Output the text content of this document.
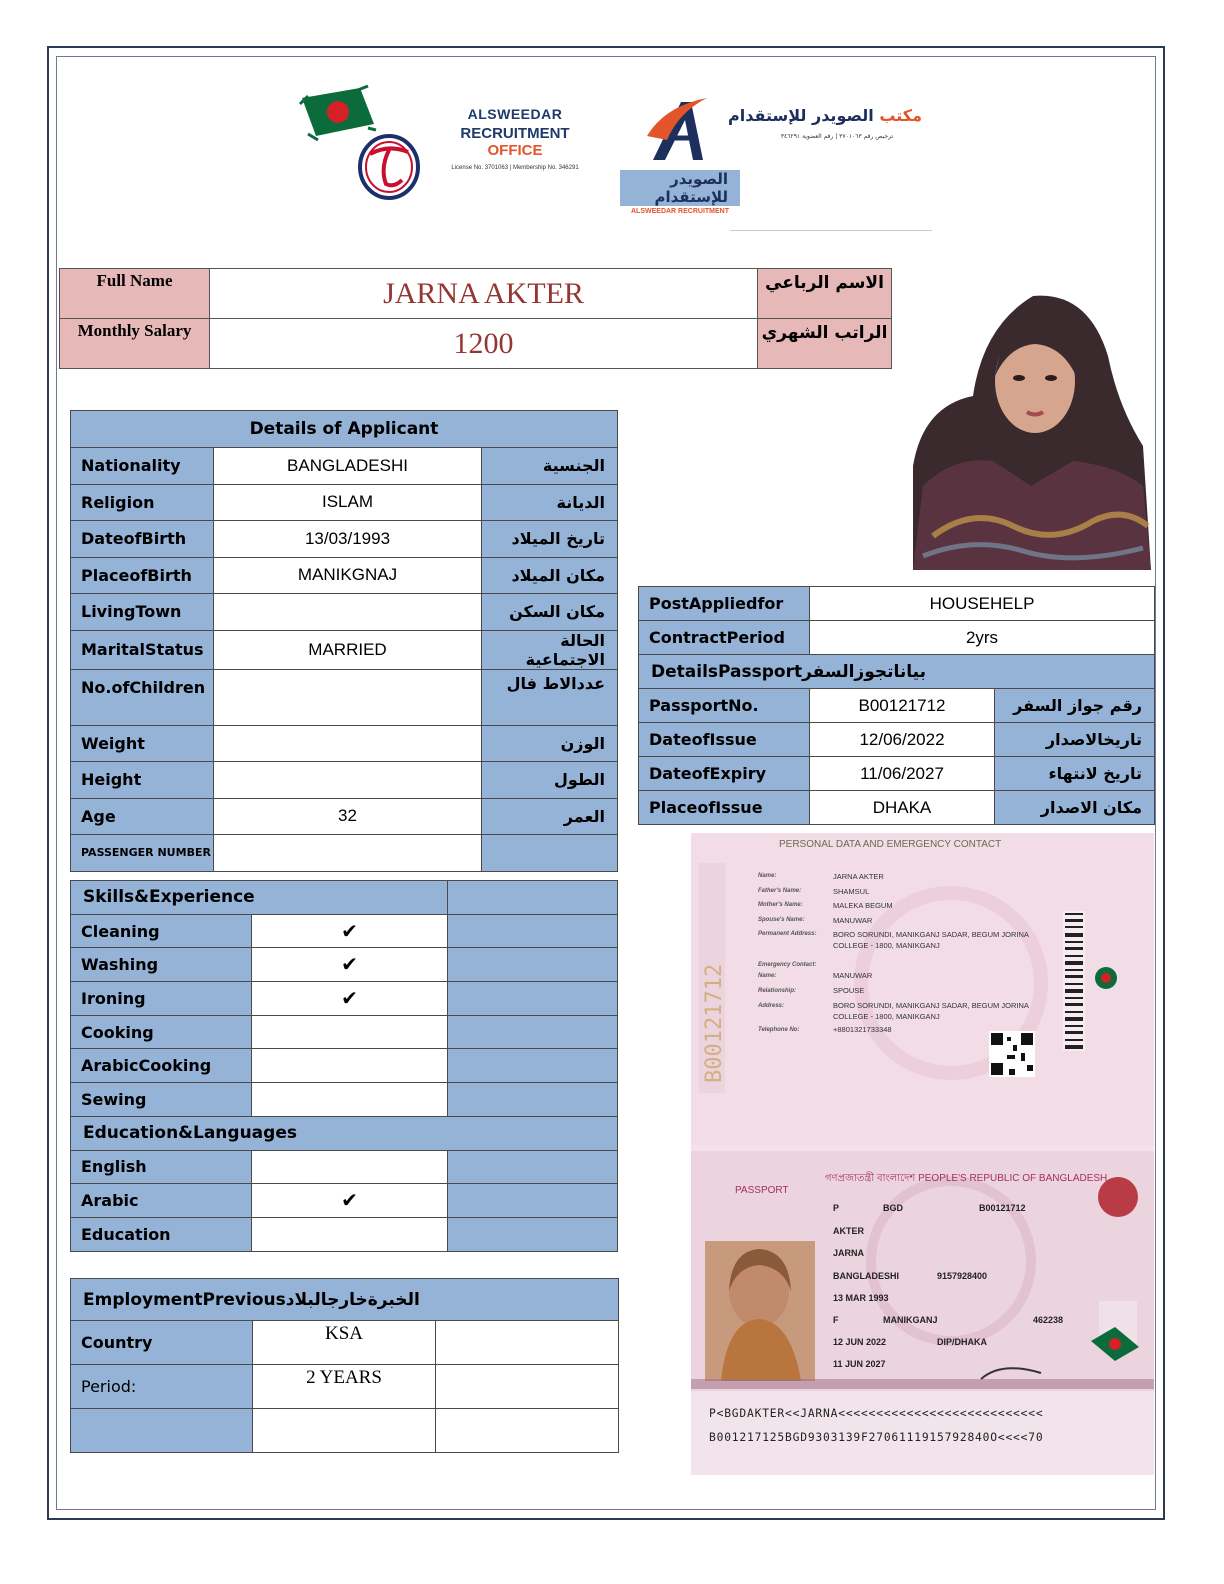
ALSWEEDAR
RECRUITMENT OFFICE
License No. 3701063 | Membership No. 346291
الصويدر للإستقدام
ALSWEEDAR RECRUITMENT
مكتب الصويدر للإستقدام
ترخيص رقم ٣٧٠١٠٦٣ | رقم العضوية ٣٤٦٢٩١
Full Name	JARNA AKTER	الاسم الرباعي
Monthly Salary	1200	الراتب الشهري
Details of Applicant		
Nationality	BANGLADESHI	الجنسية
Religion	ISLAM	الديانة
DateofBirth	13/03/1993	تاريخ الميلاد
PlaceofBirth	MANIKGNAJ	مكان الميلاد
LivingTown		مكان السكن
MaritalStatus	MARRIED	الحالة الاجتماعية
No.ofChildren		عددالاط فال
Weight		الوزن
Height		الطول
Age	32	العمر
PASSENGER NUMBER		
Skills&Experience		
Cleaning	✔	
Washing	✔	
Ironing	✔	
Cooking		
ArabicCooking		
Sewing		
Education&Languages		
English		
Arabic	✔	
Education		
EmploymentPreviousالخبرةخارجالبلاد		
Country	KSA	
Period:	2 YEARS	

PostAppliedfor	HOUSEHELP	
ContractPeriod	2yrs	
DetailsPassportبياناتجوزالسفر		
PassportNo.	B00121712	رقم جواز السفر
DateofIssue	12/06/2022	تاريخالاصدار
DateofExpiry	11/06/2027	تاريخ لانتهاء
PlaceofIssue	DHAKA	مكان الاصدار
B00121712
PERSONAL DATA AND EMERGENCY CONTACT
Name:	JARNA AKTER
Father's Name:	SHAMSUL
Mother's Name:	MALEKA BEGUM
Spouse's Name:	MANUWAR
Permanent Address: BORO SORUNDI, MANIKGANJ SADAR, BEGUM JORINA
COLLEGE - 1800, MANIKGANJ
Emergency Contact:
Name:	MANUWAR
Relationship:	SPOUSE
Address:	BORO SORUNDI, MANIKGANJ SADAR, BEGUM JORINA
COLLEGE - 1800, MANIKGANJ
Telephone No:	+8801321733348
গণপ্রজাতন্ত্রী বাংলাদেশ PEOPLE'S REPUBLIC OF BANGLADESH
PASSPORT
P	BGD	B00121712
AKTER
JARNA
BANGLADESHI	9157928400
13 MAR 1993
F	MANIKGANJ	462238
12 JUN 2022	DIP/DHAKA
11 JUN 2027
P<BGDAKTER<<JARNA<<<<<<<<<<<<<<<<<<<<<<<<<<<
B001217125BGD9303139F2706111915792840O<<<<70
